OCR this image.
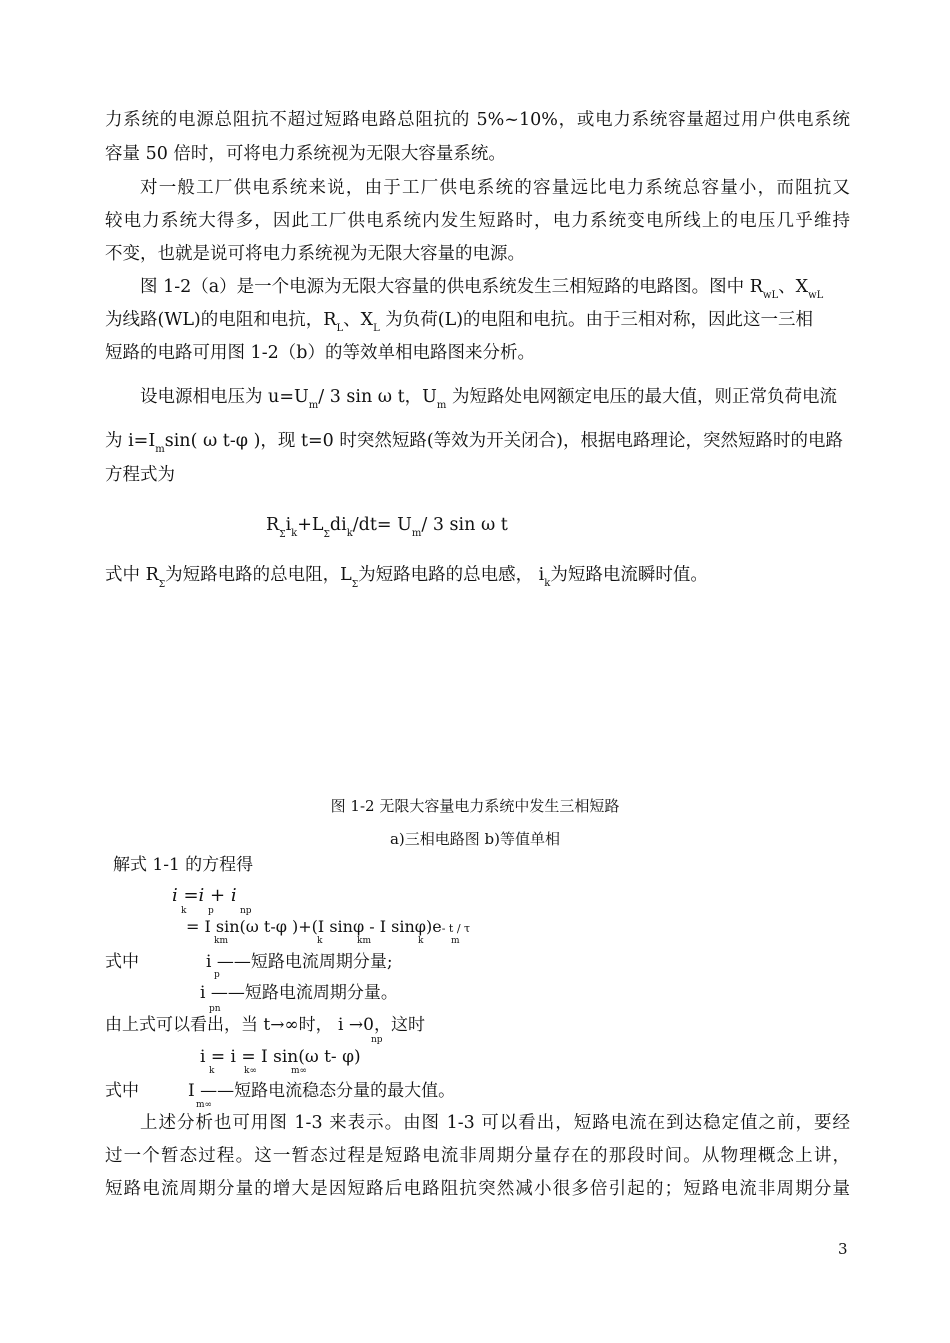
力系统的电源总阻抗不超过短路电路总阻抗的 5%~10%，或电力系统容量超过用户供电系统
容量 50 倍时，可将电力系统视为无限大容量系统。
对一般工厂供电系统来说，由于工厂供电系统的容量远比电力系统总容量小，而阻抗又
较电力系统大得多，因此工厂供电系统内发生短路时，电力系统变电所线上的电压几乎维持
不变，也就是说可将电力系统视为无限大容量的电源。
图 1-2（a）是一个电源为无限大容量的供电系统发生三相短路的电路图。图中 $R_{wL}$、$X_{wL}$
为线路(WL)的电阻和电抗，$R_L$、$X_L$ 为负荷(L)的电阻和电抗。由于三相对称，因此这一三相
短路的电路可用图 1-2（b）的等效单相电路图来分析。
设电源相电压为 $u=U_m/$ 3 sin ω t，$U_m$ 为短路处电网额定电压的最大值，则正常负荷电流
为 $i=I_m\sin$( ω t-φ )，现 t=0 时突然短路(等效为开关闭合)，根据电路理论，突然短路时的电路
方程式为
$R_\Sigma i_k+L_\Sigma di_k/dt= U_m/$ 3 sin ω t
式中 $R_\Sigma$为短路电路的总电阻，$L_\Sigma$为短路电路的总电感， $i_k$为短路电流瞬时值。
图 1-2 无限大容量电力系统中发生三相短路
a)三相电路图 b)等值单相
解式 1-1 的方程得
i =i + i
k p	np
= I sin(ω t-φ )+(I sinφ - I sinφ)e- t / τ
km	k	km	k	m
式中	i ——短路电流周期分量;
p
i ——短路电流周期分量。
pn
由上式可以看出，当 t→∞时， i →0，这时
np
i = i = I sin(ω t- φ)
k	k∞	m∞
式中	I ——短路电流稳态分量的最大值。
m∞
上述分析也可用图 1-3 来表示。由图 1-3 可以看出，短路电流在到达稳定值之前，要经
过一个暂态过程。这一暂态过程是短路电流非周期分量存在的那段时间。从物理概念上讲，
短路电流周期分量的增大是因短路后电路阻抗突然减小很多倍引起的；短路电流非周期分量
3
